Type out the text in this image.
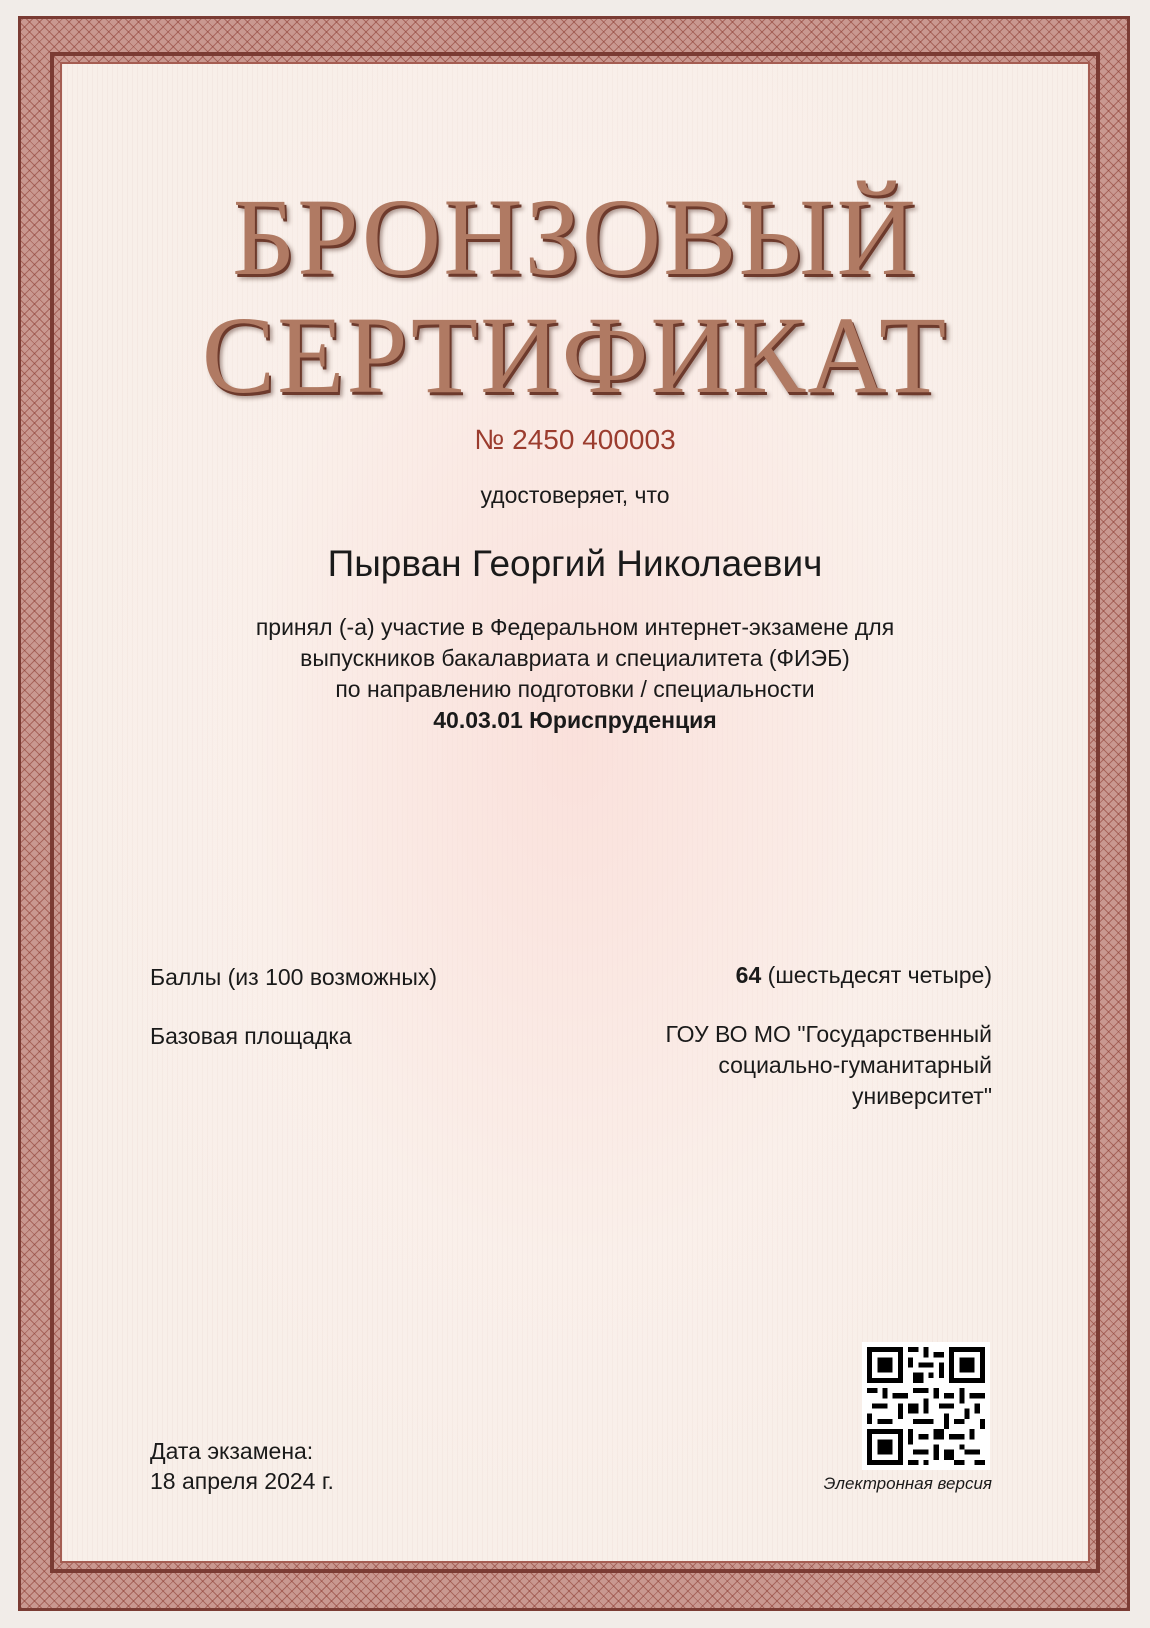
БРОНЗОВЫЙ
СЕРТИФИКАТ
№ 2450 400003
удостоверяет, что
Пырван Георгий Николаевич
принял (-а) участие в Федеральном интернет-экзамене для
выпускников бакалавриата и специалитета (ФИЭБ)
по направлению подготовки / специальности
40.03.01 Юриспруденция
Баллы (из 100 возможных)	64 (шестьдесят четыре)
Базовая площадка	ГОУ ВО МО "Государственный
социально-гуманитарный
университет"
Дата экзамена:
18 апреля 2024 г.	Электронная версия
